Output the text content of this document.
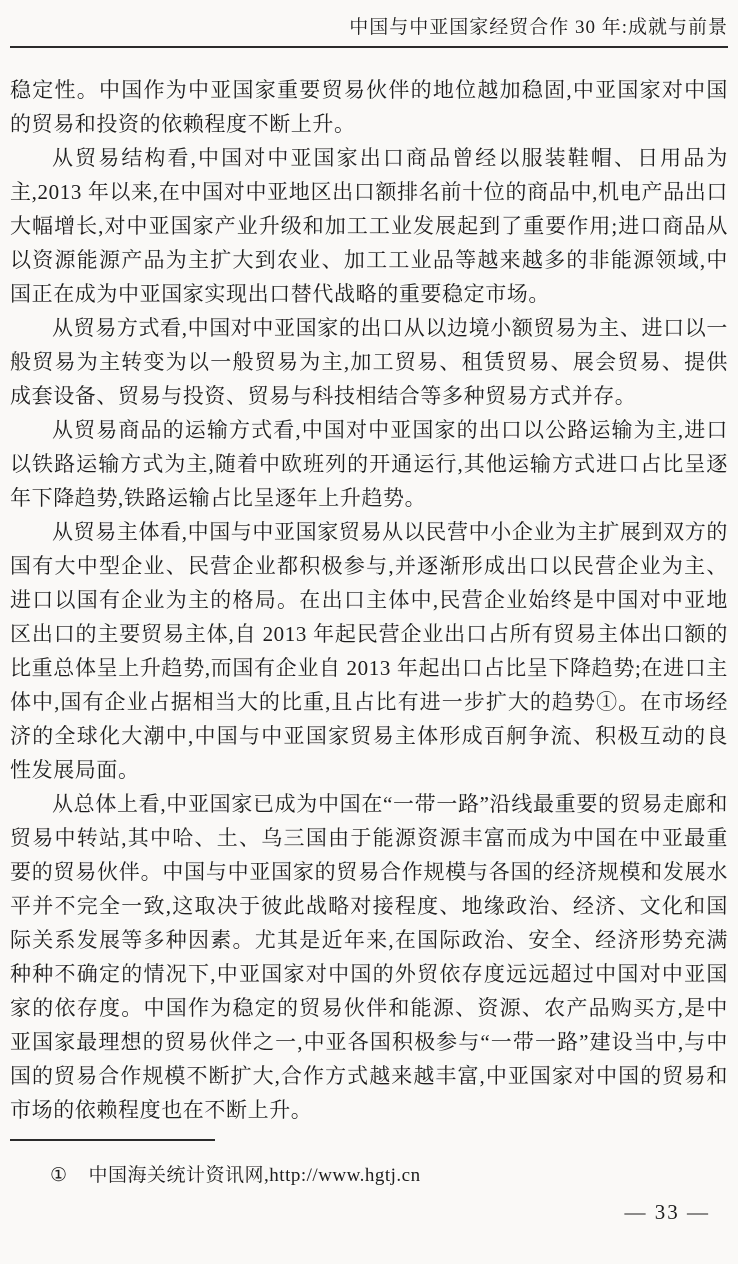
中国与中亚国家经贸合作 30 年:成就与前景

稳定性。中国作为中亚国家重要贸易伙伴的地位越加稳固,中亚国家对中国的贸易和投资的依赖程度不断上升。

从贸易结构看,中国对中亚国家出口商品曾经以服装鞋帽、日用品为主,2013 年以来,在中国对中亚地区出口额排名前十位的商品中,机电产品出口大幅增长,对中亚国家产业升级和加工工业发展起到了重要作用;进口商品从以资源能源产品为主扩大到农业、加工工业品等越来越多的非能源领域,中国正在成为中亚国家实现出口替代战略的重要稳定市场。

从贸易方式看,中国对中亚国家的出口从以边境小额贸易为主、进口以一般贸易为主转变为以一般贸易为主,加工贸易、租赁贸易、展会贸易、提供成套设备、贸易与投资、贸易与科技相结合等多种贸易方式并存。

从贸易商品的运输方式看,中国对中亚国家的出口以公路运输为主,进口以铁路运输方式为主,随着中欧班列的开通运行,其他运输方式进口占比呈逐年下降趋势,铁路运输占比呈逐年上升趋势。

从贸易主体看,中国与中亚国家贸易从以民营中小企业为主扩展到双方的国有大中型企业、民营企业都积极参与,并逐渐形成出口以民营企业为主、进口以国有企业为主的格局。在出口主体中,民营企业始终是中国对中亚地区出口的主要贸易主体,自 2013 年起民营企业出口占所有贸易主体出口额的比重总体呈上升趋势,而国有企业自 2013 年起出口占比呈下降趋势;在进口主体中,国有企业占据相当大的比重,且占比有进一步扩大的趋势①。在市场经济的全球化大潮中,中国与中亚国家贸易主体形成百舸争流、积极互动的良性发展局面。

从总体上看,中亚国家已成为中国在“一带一路”沿线最重要的贸易走廊和贸易中转站,其中哈、土、乌三国由于能源资源丰富而成为中国在中亚最重要的贸易伙伴。中国与中亚国家的贸易合作规模与各国的经济规模和发展水平并不完全一致,这取决于彼此战略对接程度、地缘政治、经济、文化和国际关系发展等多种因素。尤其是近年来,在国际政治、安全、经济形势充满种种不确定的情况下,中亚国家对中国的外贸依存度远远超过中国对中亚国家的依存度。中国作为稳定的贸易伙伴和能源、资源、农产品购买方,是中亚国家最理想的贸易伙伴之一,中亚各国积极参与“一带一路”建设当中,与中国的贸易合作规模不断扩大,合作方式越来越丰富,中亚国家对中国的贸易和市场的依赖程度也在不断上升。

① 中国海关统计资讯网,http://www.hgtj.cn
— 33 —
